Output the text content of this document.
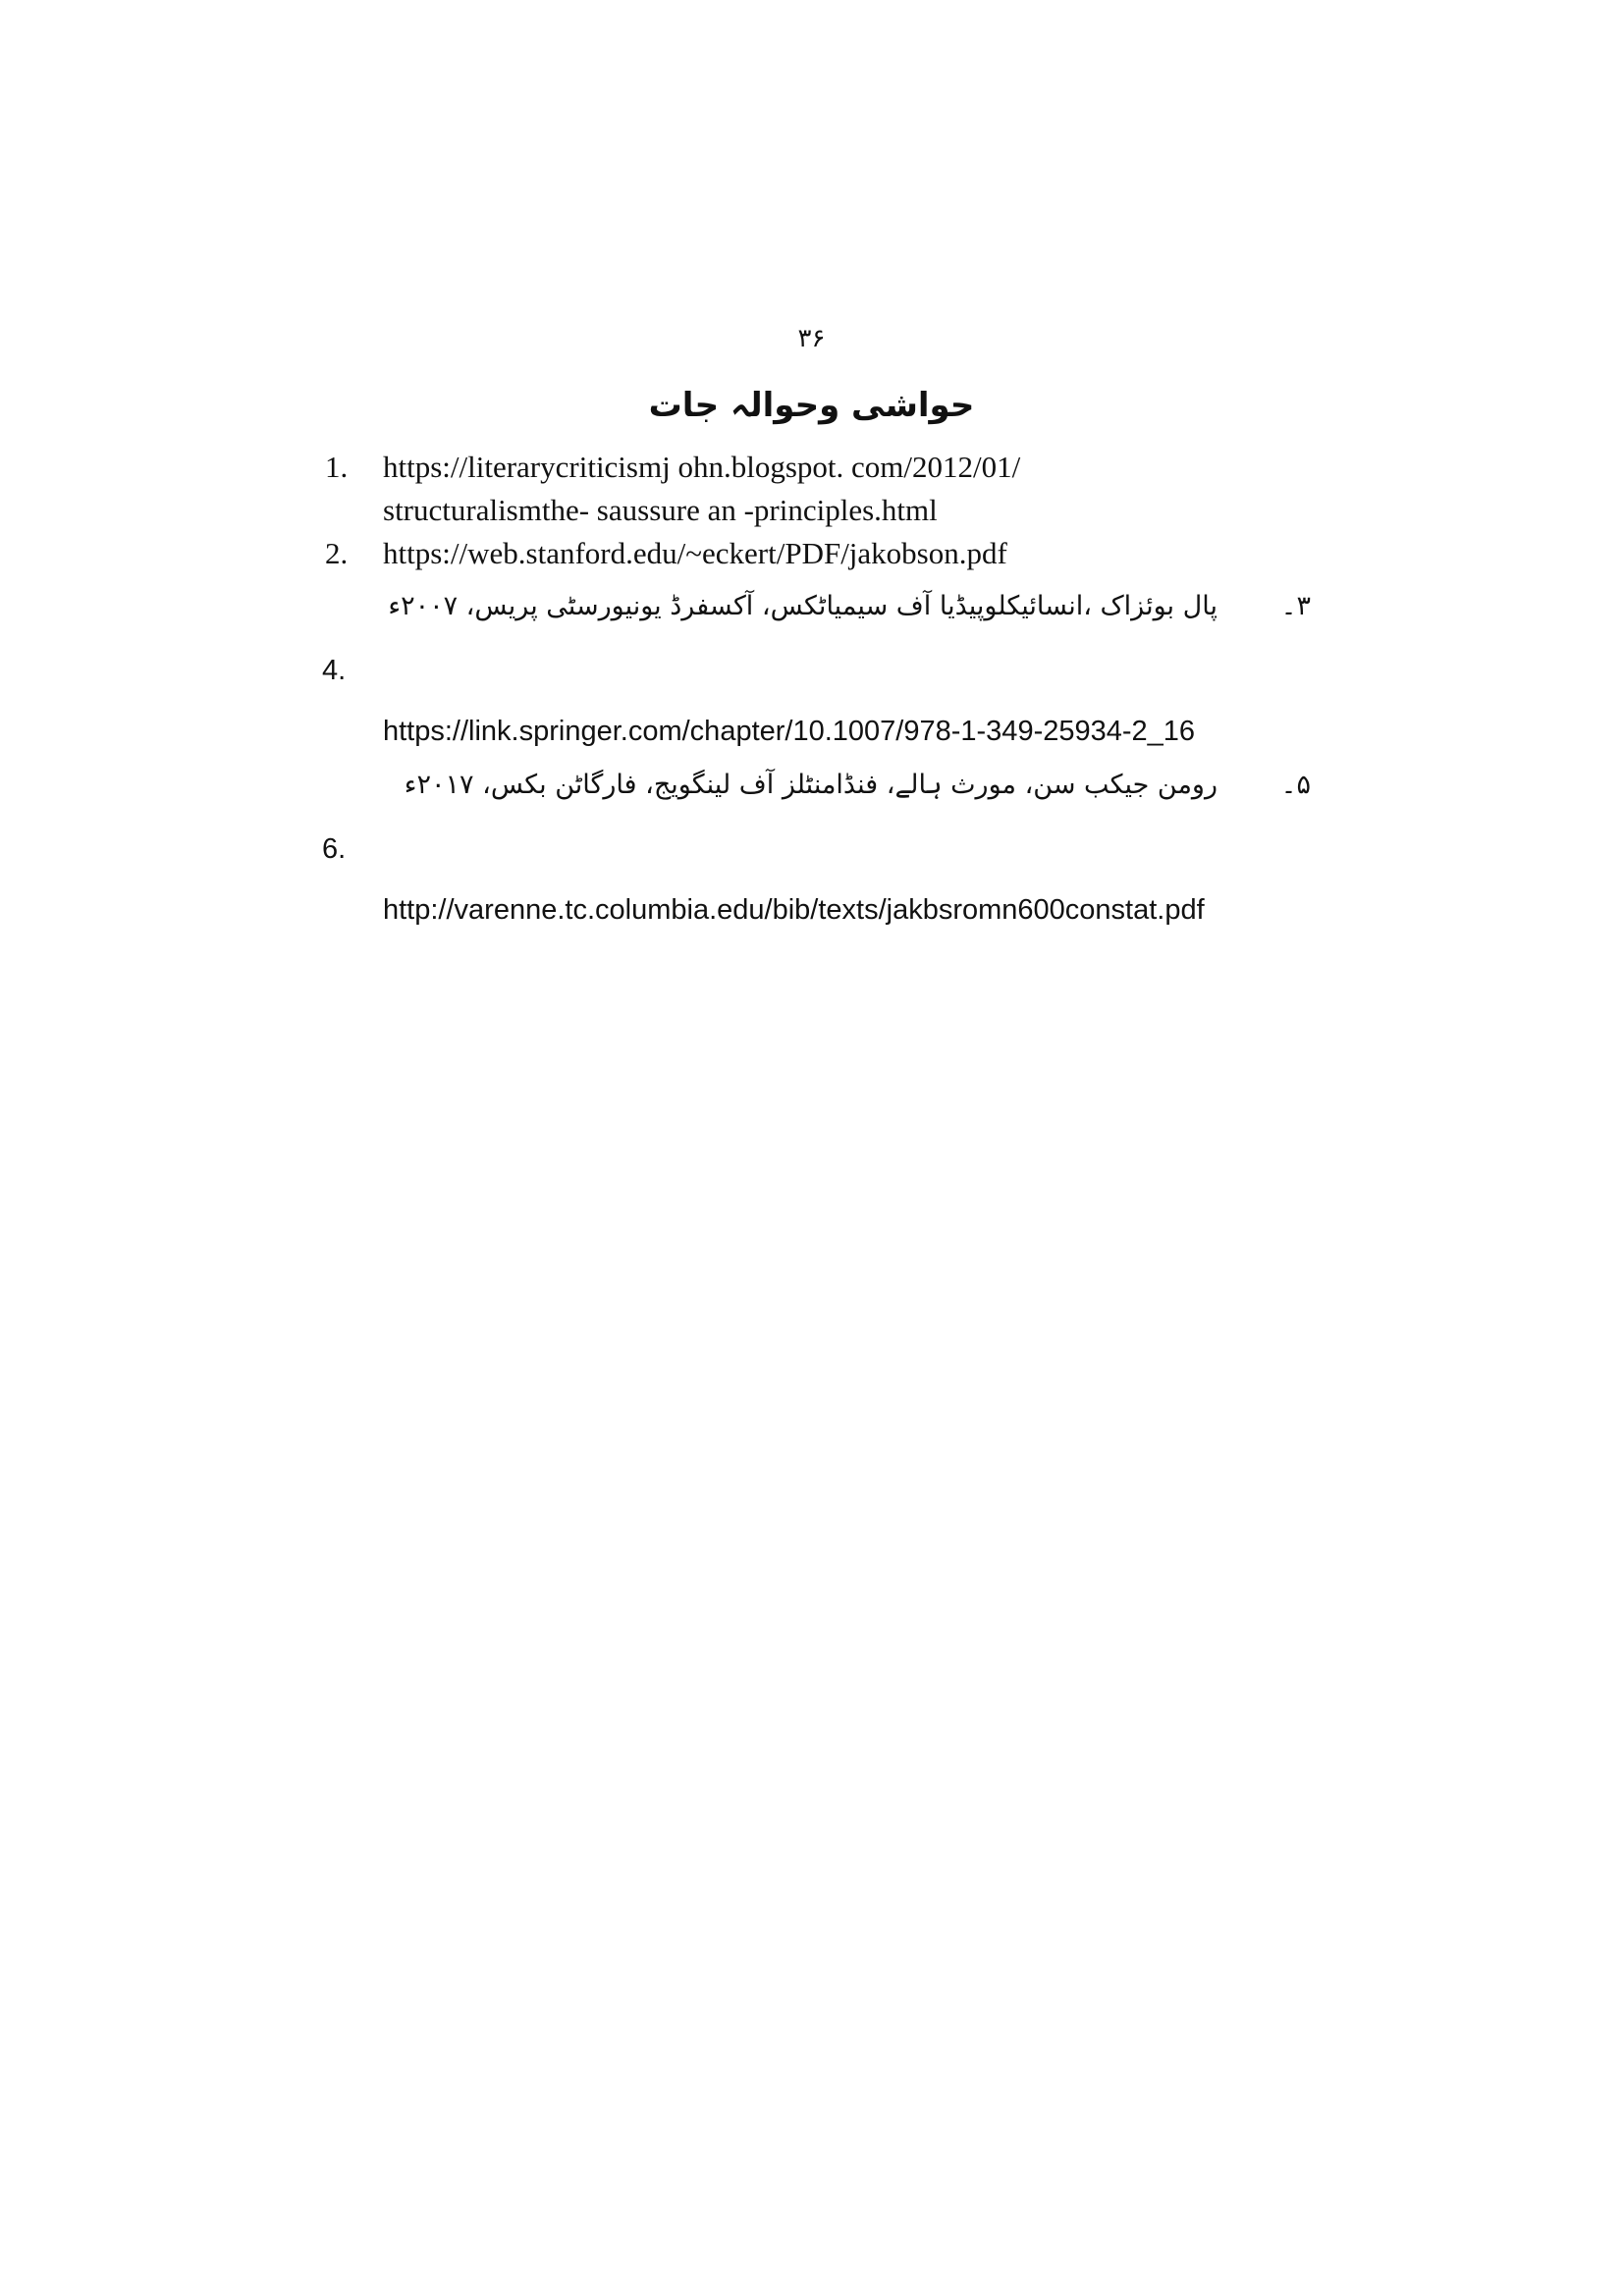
۳۶
حواشی وحوالہ جات
1. https://literarycriticismj ohn.blogspot. com/2012/01/
structuralismthe- saussure an -principles.html
2. https://web.stanford.edu/~eckert/PDF/jakobson.pdf
۳۔
پال بوئزاک ،انسائیکلوپیڈیا آف سیمیاٹکس، آکسفرڈ یونیورسٹی پریس، ۲۰۰۷ء
4.
https://link.springer.com/chapter/10.1007/978-1-349-25934-2_16
۵۔
رومن جیکب سن، مورث ہالے، فنڈامنٹلز آف لینگویج، فارگاٹن بکس، ۲۰۱۷ء
6.
http://varenne.tc.columbia.edu/bib/texts/jakbsromn600constat.pdf
